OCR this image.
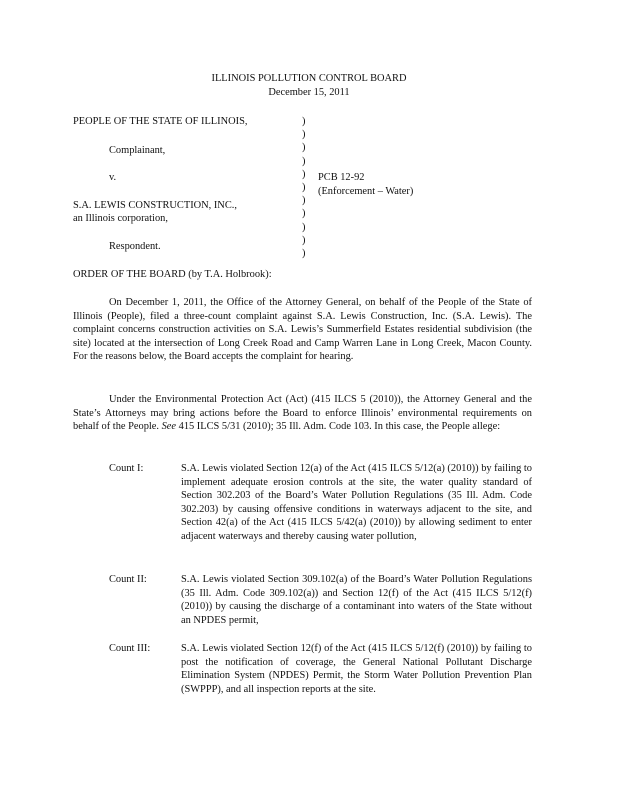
ILLINOIS POLLUTION CONTROL BOARD
December 15, 2011
PEOPLE OF THE STATE OF ILLINOIS,
Complainant,
v.
S.A. LEWIS CONSTRUCTION, INC.,
an Illinois corporation,
Respondent.
)
)
)
)
)
)
)
)
)
)
)
PCB 12-92
(Enforcement – Water)
ORDER OF THE BOARD (by T.A. Holbrook):

On December 1, 2011, the Office of the Attorney General, on behalf of the People of the State of Illinois (People), filed a three-count complaint against S.A. Lewis Construction, Inc. (S.A. Lewis). The complaint concerns construction activities on S.A. Lewis’s Summerfield Estates residential subdivision (the site) located at the intersection of Long Creek Road and Camp Warren Lane in Long Creek, Macon County. For the reasons below, the Board accepts the complaint for hearing.

Under the Environmental Protection Act (Act) (415 ILCS 5 (2010)), the Attorney General and the State’s Attorneys may bring actions before the Board to enforce Illinois’ environmental requirements on behalf of the People. See 415 ILCS 5/31 (2010); 35 Ill. Adm. Code 103. In this case, the People allege:

Count I:	S.A. Lewis violated Section 12(a) of the Act (415 ILCS 5/12(a) (2010)) by failing to implement adequate erosion controls at the site, the water quality standard of Section 302.203 of the Board’s Water Pollution Regulations (35 Ill. Adm. Code 302.203) by causing offensive conditions in waterways adjacent to the site, and Section 42(a) of the Act (415 ILCS 5/42(a) (2010)) by allowing sediment to enter adjacent waterways and thereby causing water pollution,

Count II:	S.A. Lewis violated Section 309.102(a) of the Board’s Water Pollution Regulations (35 Ill. Adm. Code 309.102(a)) and Section 12(f) of the Act (415 ILCS 5/12(f) (2010)) by causing the discharge of a contaminant into waters of the State without an NPDES permit,

Count III:	S.A. Lewis violated Section 12(f) of the Act (415 ILCS 5/12(f) (2010)) by failing to post the notification of coverage, the General National Pollutant Discharge Elimination System (NPDES) Permit, the Storm Water Pollution Prevention Plan (SWPPP), and all inspection reports at the site.
